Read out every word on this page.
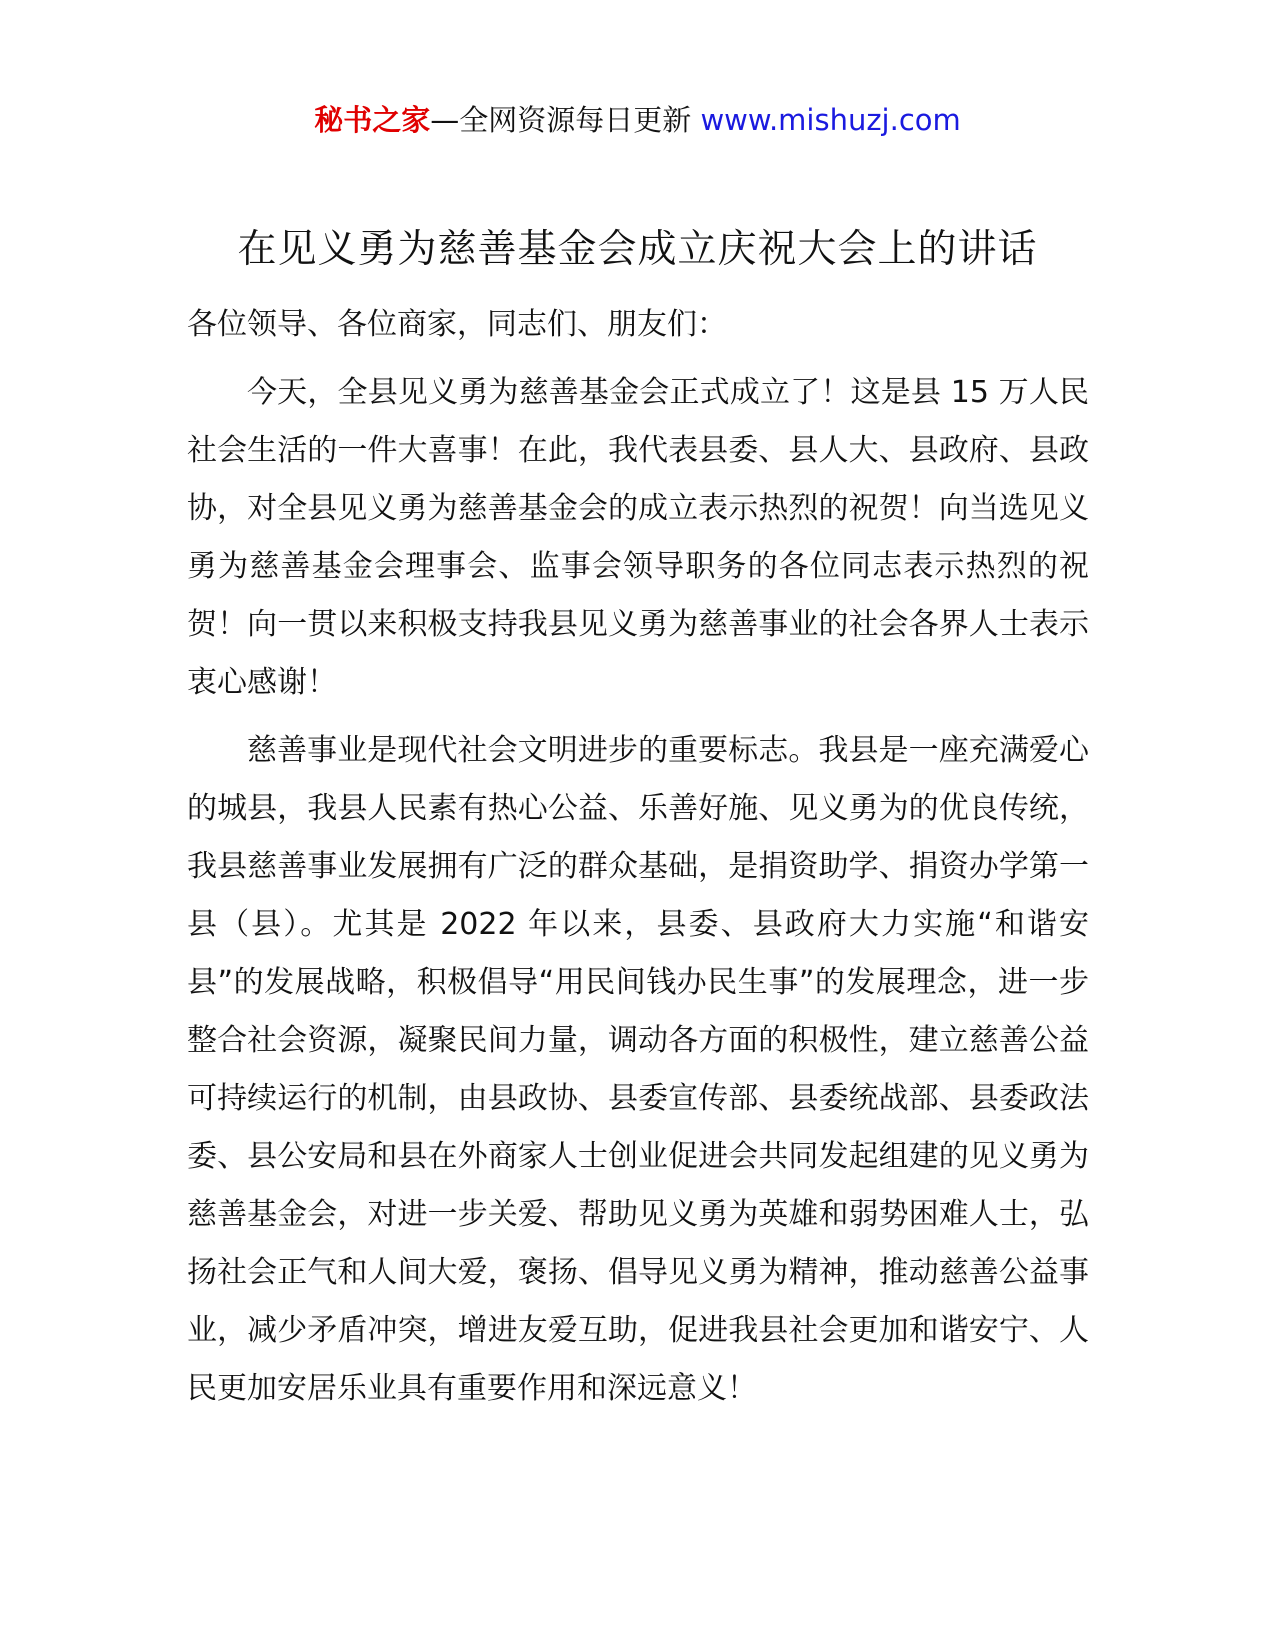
秘书之家—全网资源每日更新 www.mishuzj.com
在见义勇为慈善基金会成立庆祝大会上的讲话

各位领导、各位商家，同志们、朋友们：

今天，全县见义勇为慈善基金会正式成立了！这是县 15 万人民社会生活的一件大喜事！在此，我代表县委、县人大、县政府、县政协，对全县见义勇为慈善基金会的成立表示热烈的祝贺！向当选见义勇为慈善基金会理事会、监事会领导职务的各位同志表示热烈的祝贺！向一贯以来积极支持我县见义勇为慈善事业的社会各界人士表示衷心感谢！

慈善事业是现代社会文明进步的重要标志。我县是一座充满爱心的城县，我县人民素有热心公益、乐善好施、见义勇为的优良传统，我县慈善事业发展拥有广泛的群众基础，是捐资助学、捐资办学第一县（县）。尤其是 2022 年以来，县委、县政府大力实施“和谐安县”的发展战略，积极倡导“用民间钱办民生事”的发展理念，进一步整合社会资源，凝聚民间力量，调动各方面的积极性，建立慈善公益可持续运行的机制，由县政协、县委宣传部、县委统战部、县委政法委、县公安局和县在外商家人士创业促进会共同发起组建的见义勇为慈善基金会，对进一步关爱、帮助见义勇为英雄和弱势困难人士，弘扬社会正气和人间大爱，褒扬、倡导见义勇为精神，推动慈善公益事业，减少矛盾冲突，增进友爱互助，促进我县社会更加和谐安宁、人民更加安居乐业具有重要作用和深远意义！
